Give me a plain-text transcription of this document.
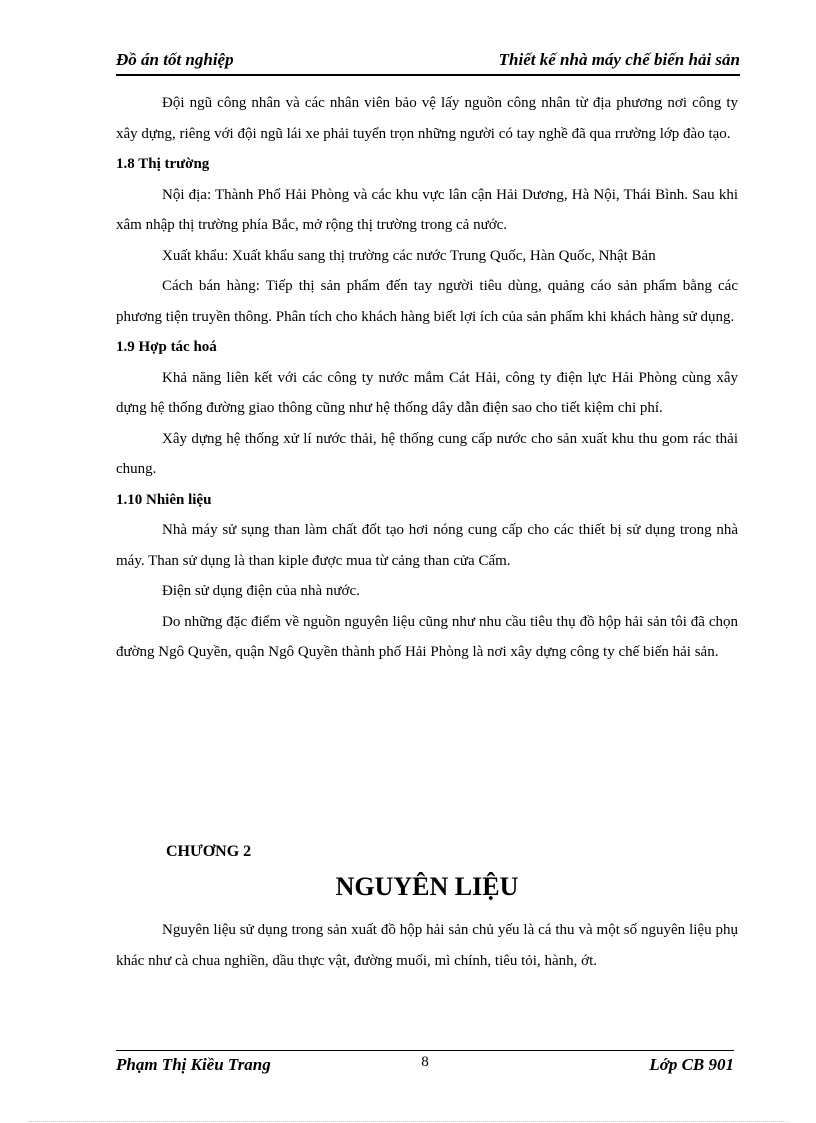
Đồ án tốt nghiệp	Thiết kế nhà máy chế biến hải sản

Đội ngũ công nhân và các nhân viên bảo vệ lấy nguồn công nhân từ địa phương nơi công ty xây dựng, riêng với đội ngũ lái xe phải tuyển trọn những người có tay nghề đã qua rrường lớp đào tạo.

1.8 Thị trường

Nội địa: Thành Phố Hải Phòng và các khu vực lân cận Hải Dương, Hà Nội, Thái Bình. Sau khi xâm nhập thị trường phía Bắc, mở rộng thị trường trong cả nước.

Xuất khẩu: Xuất khẩu sang thị trường các nước Trung Quốc, Hàn Quốc, Nhật Bản

Cách bán hàng: Tiếp thị sản phẩm đến tay người tiêu dùng, quảng cáo sản phẩm bằng các phương tiện truyền thông. Phân tích cho khách hàng biết lợi ích của sản phẩm khi khách hàng sử dụng.

1.9 Hợp tác hoá

Khả năng liên kết với các công ty nước mắm Cát Hải, công ty điện lực Hải Phòng cùng xây dựng hệ thống đường giao thông cũng như hệ thống dây dẫn điện sao cho tiết kiệm chi phí.

Xây dựng hệ thống xử lí nước thải, hệ thống cung cấp nước cho sản xuất khu thu gom rác thải chung.

1.10 Nhiên liệu

Nhà máy sử sụng than làm chất đốt tạo hơi nóng cung cấp cho các thiết bị sử dụng trong nhà máy. Than sử dụng là than kiple được mua từ cảng than cửa Cấm.

Điện sử dụng điện của nhà nước.

Do những đặc điểm về nguồn nguyên liệu cũng như nhu cầu tiêu thụ đồ hộp hải sản tôi đã chọn đường Ngô Quyền, quận Ngô Quyền thành phố Hải Phòng là nơi xây dựng công ty chế biến hải sản.

CHƯƠNG 2
NGUYÊN LIỆU

Nguyên liệu sử dụng trong sản xuất đồ hộp hải sản chủ yếu là cá thu và một số nguyên liệu phụ khác như cà chua nghiền, dầu thực vật, đường muối, mì chính, tiêu tỏi, hành, ớt.

Phạm Thị Kiều Trang	8	Lớp CB 901
